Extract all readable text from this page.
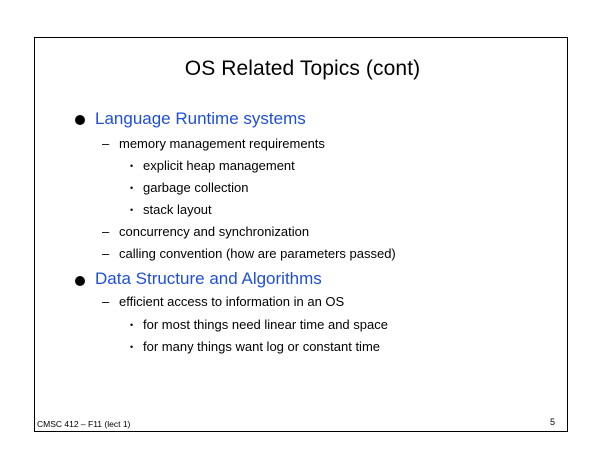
OS Related Topics (cont)
Language Runtime systems
– memory management requirements
• explicit heap management
• garbage collection
• stack layout
– concurrency and synchronization
– calling convention (how are parameters passed)
Data Structure and Algorithms
– efficient access to information in an OS
• for most things need linear time and space
• for many things want log or constant time
CMSC 412 – F11 (lect 1)	5
